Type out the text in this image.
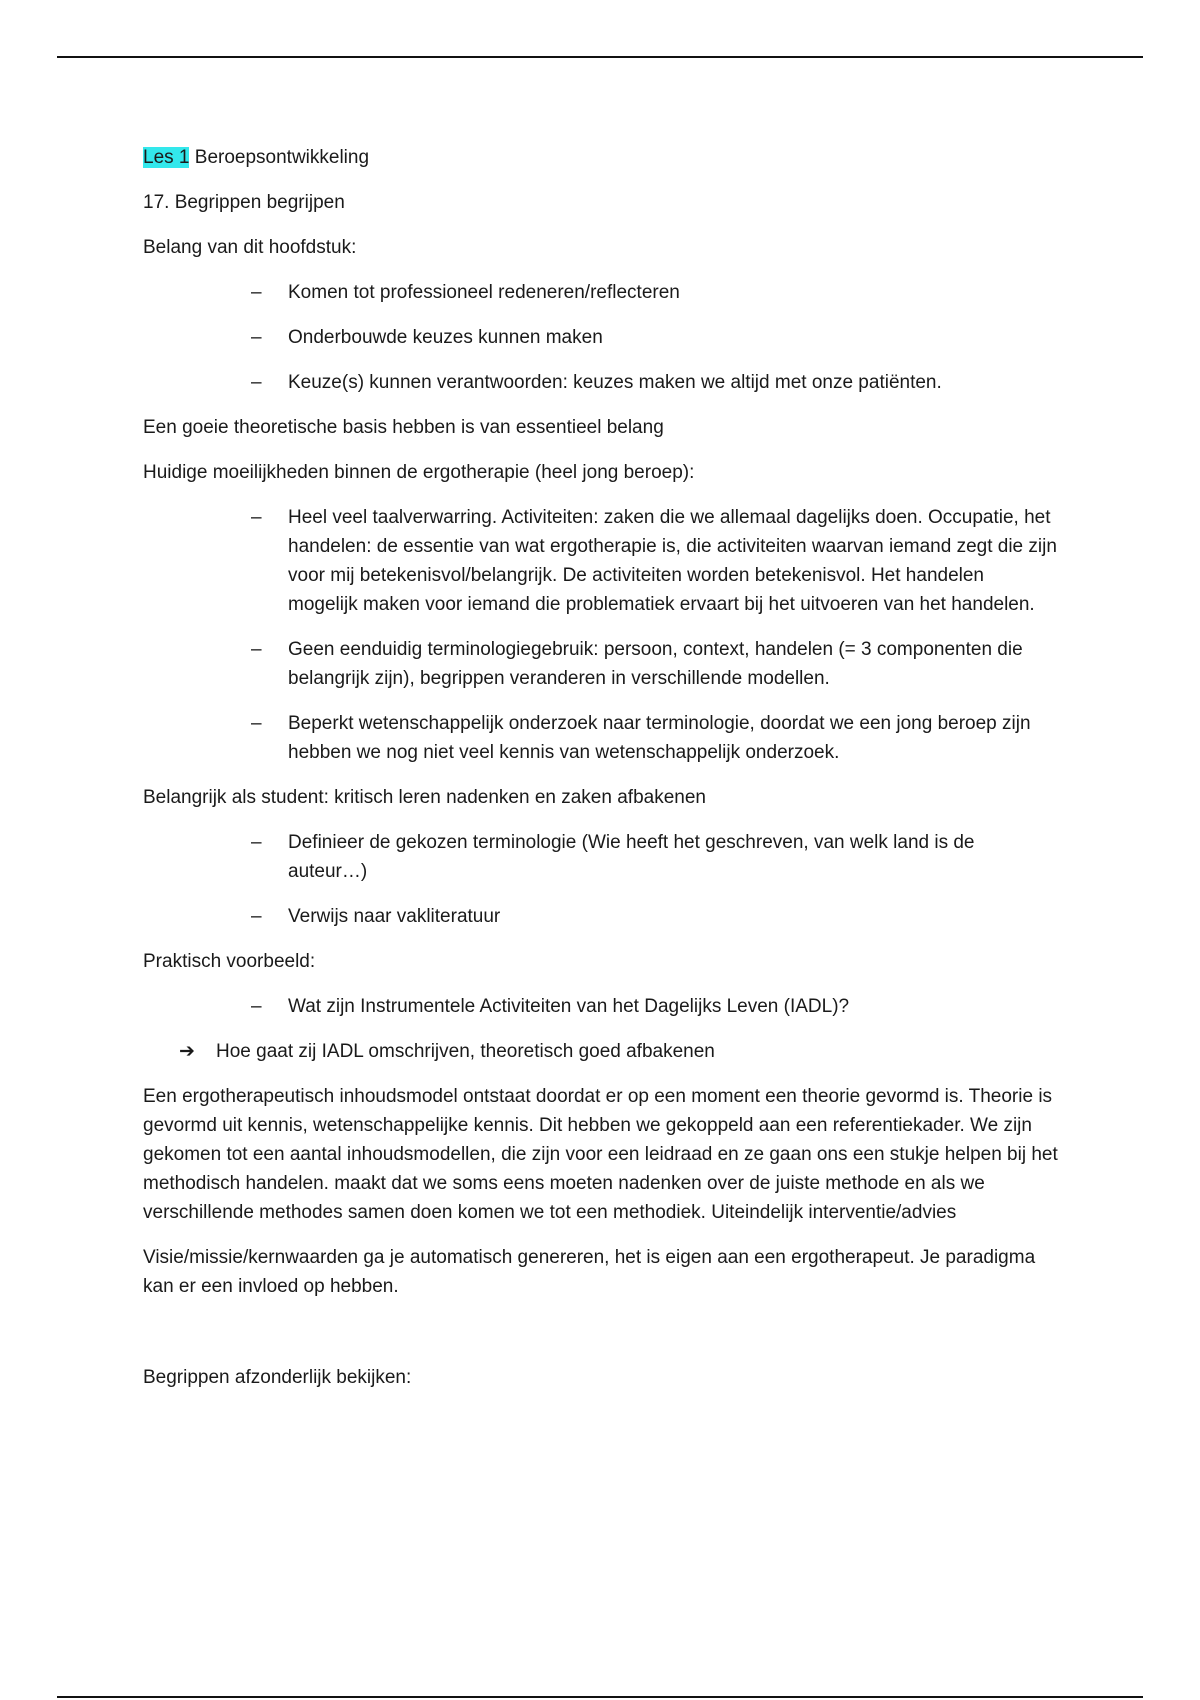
Les 1 Beroepsontwikkeling

17. Begrippen begrijpen

Belang van dit hoofdstuk:

– Komen tot professioneel redeneren/reflecteren
– Onderbouwde keuzes kunnen maken
– Keuze(s) kunnen verantwoorden: keuzes maken we altijd met onze patiënten.

Een goeie theoretische basis hebben is van essentieel belang

Huidige moeilijkheden binnen de ergotherapie (heel jong beroep):

– Heel veel taalverwarring. Activiteiten: zaken die we allemaal dagelijks doen. Occupatie, het handelen: de essentie van wat ergotherapie is, die activiteiten waarvan iemand zegt die zijn voor mij betekenisvol/belangrijk. De activiteiten worden betekenisvol. Het handelen mogelijk maken voor iemand die problematiek ervaart bij het uitvoeren van het handelen.
– Geen eenduidig terminologiegebruik: persoon, context, handelen (= 3 componenten die belangrijk zijn), begrippen veranderen in verschillende modellen.
– Beperkt wetenschappelijk onderzoek naar terminologie, doordat we een jong beroep zijn hebben we nog niet veel kennis van wetenschappelijk onderzoek.

Belangrijk als student: kritisch leren nadenken en zaken afbakenen

– Definieer de gekozen terminologie (Wie heeft het geschreven, van welk land is de auteur…)
– Verwijs naar vakliteratuur

Praktisch voorbeeld:

– Wat zijn Instrumentele Activiteiten van het Dagelijks Leven (IADL)?

➔ Hoe gaat zij IADL omschrijven, theoretisch goed afbakenen

Een ergotherapeutisch inhoudsmodel ontstaat doordat er op een moment een theorie gevormd is. Theorie is gevormd uit kennis, wetenschappelijke kennis. Dit hebben we gekoppeld aan een referentiekader. We zijn gekomen tot een aantal inhoudsmodellen, die zijn voor een leidraad en ze gaan ons een stukje helpen bij het methodisch handelen. maakt dat we soms eens moeten nadenken over de juiste methode en als we verschillende methodes samen doen komen we tot een methodiek. Uiteindelijk interventie/advies

Visie/missie/kernwaarden ga je automatisch genereren, het is eigen aan een ergotherapeut. Je paradigma kan er een invloed op hebben.

Begrippen afzonderlijk bekijken:
